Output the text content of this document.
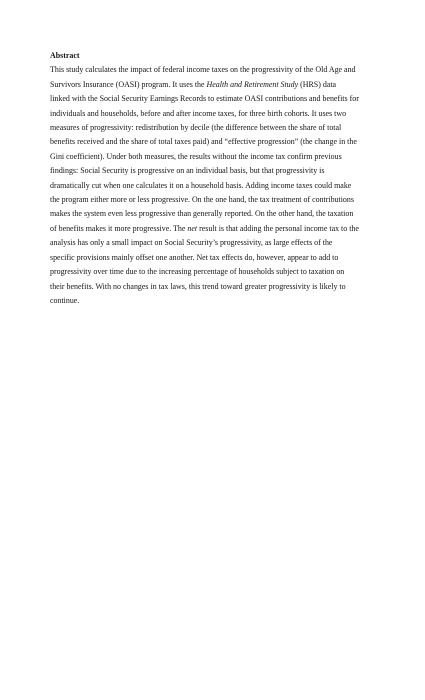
Abstract
This study calculates the impact of federal income taxes on the progressivity of the Old Age and
Survivors Insurance (OASI) program. It uses the Health and Retirement Study (HRS) data
linked with the Social Security Earnings Records to estimate OASI contributions and benefits for
individuals and households, before and after income taxes, for three birth cohorts. It uses two
measures of progressivity: redistribution by decile (the difference between the share of total
benefits received and the share of total taxes paid) and “effective progression” (the change in the
Gini coefficient). Under both measures, the results without the income tax confirm previous
findings: Social Security is progressive on an individual basis, but that progressivity is
dramatically cut when one calculates it on a household basis. Adding income taxes could make
the program either more or less progressive. On the one hand, the tax treatment of contributions
makes the system even less progressive than generally reported. On the other hand, the taxation
of benefits makes it more progressive. The net result is that adding the personal income tax to the
analysis has only a small impact on Social Security’s progressivity, as large effects of the
specific provisions mainly offset one another. Net tax effects do, however, appear to add to
progressivity over time due to the increasing percentage of households subject to taxation on
their benefits. With no changes in tax laws, this trend toward greater progressivity is likely to
continue.
